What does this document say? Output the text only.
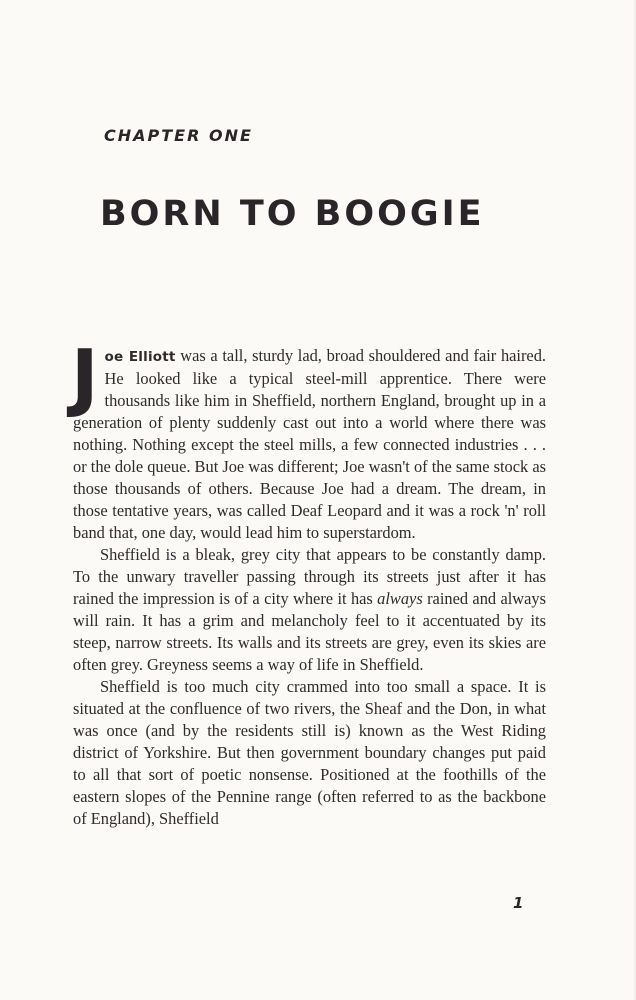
CHAPTER ONE
BORN TO BOOGIE

Joe Elliott was a tall, sturdy lad, broad shouldered and fair haired. He looked like a typical steel-mill apprentice. There were thousands like him in Sheffield, northern England, brought up in a generation of plenty suddenly cast out into a world where there was nothing. Nothing except the steel mills, a few connected industries . . . or the dole queue. But Joe was different; Joe wasn't of the same stock as those thousands of others. Because Joe had a dream. The dream, in those tentative years, was called Deaf Leopard and it was a rock 'n' roll band that, one day, would lead him to superstardom.

Sheffield is a bleak, grey city that appears to be constantly damp. To the unwary traveller passing through its streets just after it has rained the impression is of a city where it has always rained and always will rain. It has a grim and melancholy feel to it accentuated by its steep, narrow streets. Its walls and its streets are grey, even its skies are often grey. Greyness seems a way of life in Sheffield.

Sheffield is too much city crammed into too small a space. It is situated at the confluence of two rivers, the Sheaf and the Don, in what was once (and by the residents still is) known as the West Riding district of Yorkshire. But then government boundary changes put paid to all that sort of poetic nonsense. Positioned at the foothills of the eastern slopes of the Pennine range (often referred to as the backbone of England), Sheffield

1
